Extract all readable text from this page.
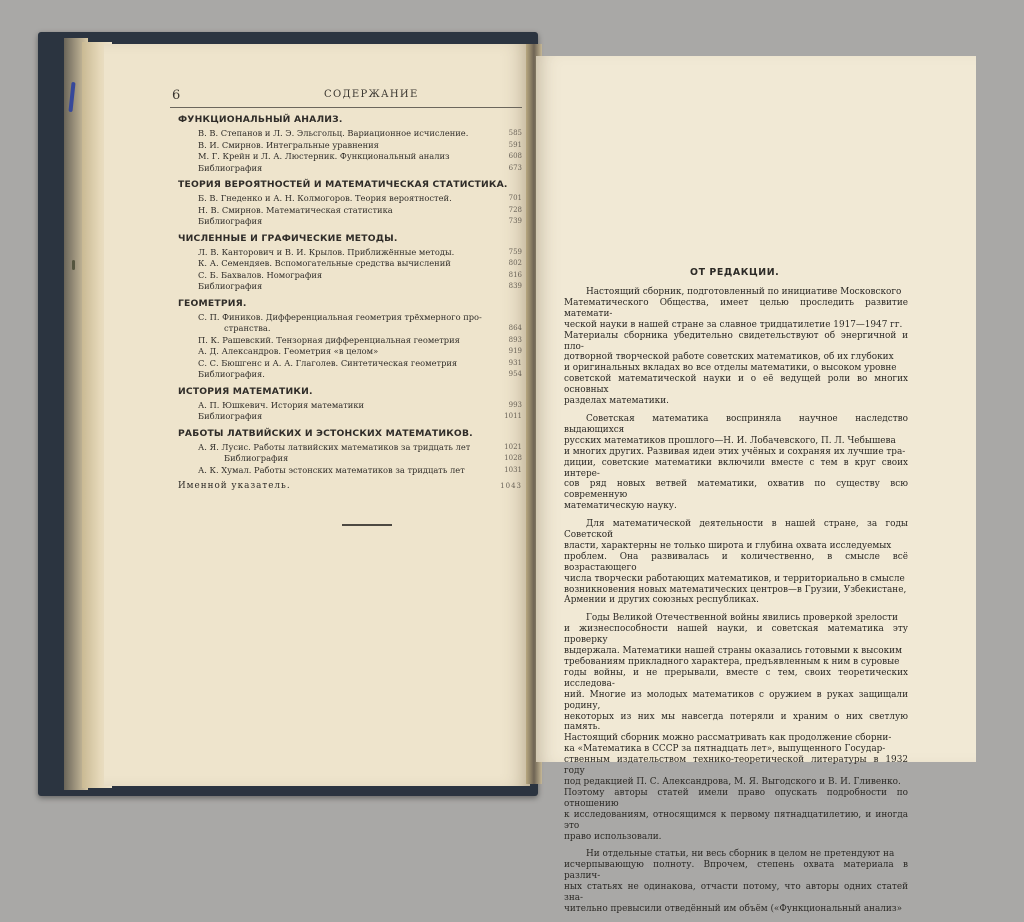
6	СОДЕРЖАНИЕ
ФУНКЦИОНАЛЬНЫЙ АНАЛИЗ.
В. В. Степанов и Л. Э. Эльсгольц. Вариационное исчисление.	585
В. И. Смирнов. Интегральные уравнения	591
М. Г. Крейн и Л. А. Люстерник. Функциональный анализ	608
Библиография	673
ТЕОРИЯ ВЕРОЯТНОСТЕЙ И МАТЕМАТИЧЕСКАЯ СТАТИСТИКА.
Б. В. Гнеденко и А. Н. Колмогоров. Теория вероятностей.	701
Н. В. Смирнов. Математическая статистика	728
Библиография	739
ЧИСЛЕННЫЕ И ГРАФИЧЕСКИЕ МЕТОДЫ.
Л. В. Канторович и В. И. Крылов. Приближённые методы.	759
К. А. Семендяев. Вспомогательные средства вычислений	802
С. Б. Бахвалов. Номография	816
Библиография	839
ГЕОМЕТРИЯ.
С. П. Фиников. Дифференциальная геометрия трёхмерного про-
странства.	864
П. К. Рашевский. Тензорная дифференциальная геометрия	893
А. Д. Александров. Геометрия «в целом»	919
С. С. Бюшгенс и А. А. Глаголев. Синтетическая геометрия	931
Библиография.	954
ИСТОРИЯ МАТЕМАТИКИ.
А. П. Юшкевич. История математики	993
Библиография	1011
РАБОТЫ ЛАТВИЙСКИХ И ЭСТОНСКИХ МАТЕМАТИКОВ.
А. Я. Лусис. Работы латвийских математиков за тридцать лет	1021
Библиография	1028
А. К. Хумал. Работы эстонских математиков за тридцать лет	1031
Именной указатель.	1043
ОТ РЕДАКЦИИ.

Настоящий сборник, подготовленный по инициативе Московского
Математического Общества, имеет целью проследить развитие математи-
ческой науки в нашей стране за славное тридцатилетие 1917—1947 гг.
Материалы сборника убедительно свидетельствуют об энергичной и пло-
дотворной творческой работе советских математиков, об их глубоких
и оригинальных вкладах во все отделы математики, о высоком уровне
советской математической науки и о её ведущей роли во многих основных
разделах математики.

Советская математика восприняла научное наследство выдающихся
русских математиков прошлого—Н. И. Лобачевского, П. Л. Чебышева
и многих других. Развивая идеи этих учёных и сохраняя их лучшие тра-
диции, советские математики включили вместе с тем в круг своих интере-
сов ряд новых ветвей математики, охватив по существу всю современную
математическую науку.

Для математической деятельности в нашей стране, за годы Советской
власти, характерны не только широта и глубина охвата исследуемых
проблем. Она развивалась и количественно, в смысле всё возрастающего
числа творчески работающих математиков, и территориально в смысле
возникновения новых математических центров—в Грузии, Узбекистане,
Армении и других союзных республиках.

Годы Великой Отечественной войны явились проверкой зрелости
и жизнеспособности нашей науки, и советская математика эту проверку
выдержала. Математики нашей страны оказались готовыми к высоким
требованиям прикладного характера, предъявленным к ним в суровые
годы войны, и не прерывали, вместе с тем, своих теоретических исследова-
ний. Многие из молодых математиков с оружием в руках защищали родину,
некоторых из них мы навсегда потеряли и храним о них светлую память.
Настоящий сборник можно рассматривать как продолжение сборни-
ка «Математика в СССР за пятнадцать лет», выпущенного Государ-
ственным издательством технико-теоретической литературы в 1932 году
под редакцией П. С. Александрова, М. Я. Выгодского и В. И. Гливенко.
Поэтому авторы статей имели право опускать подробности по отношению
к исследованиям, относящимся к первому пятнадцатилетию, и иногда это
право использовали.

Ни отдельные статьи, ни весь сборник в целом не претендуют на
исчерпывающую полноту. Впрочем, степень охвата материала в различ-
ных статьях не одинакова, отчасти потому, что авторы одних статей зна-
чительно превысили отведённый им объём («Функциональный анализ»
